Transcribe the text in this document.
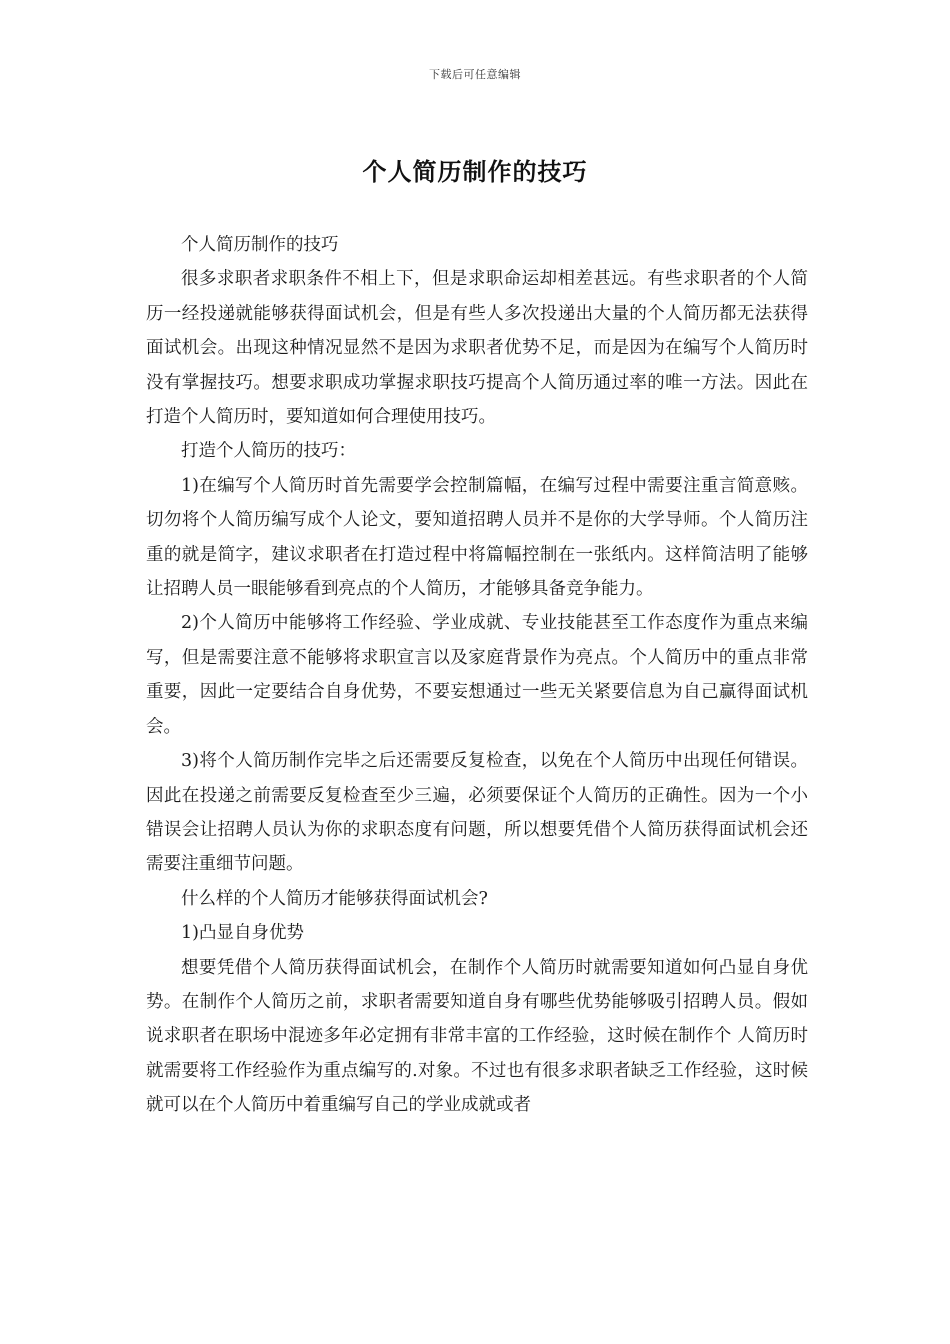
下载后可任意编辑
个人简历制作的技巧

个人简历制作的技巧

很多求职者求职条件不相上下，但是求职命运却相差甚远。有些求职者的个人简历一经投递就能够获得面试机会，但是有些人多次投递出大量的个人简历都无法获得面试机会。出现这种情况显然不是因为求职者优势不足，而是因为在编写个人简历时没有掌握技巧。想要求职成功掌握求职技巧提高个人简历通过率的唯一方法。因此在打造个人简历时，要知道如何合理使用技巧。

打造个人简历的技巧：

1)在编写个人简历时首先需要学会控制篇幅，在编写过程中需要注重言简意赅。切勿将个人简历编写成个人论文，要知道招聘人员并不是你的大学导师。个人简历注重的就是简字，建议求职者在打造过程中将篇幅控制在一张纸内。这样简洁明了能够让招聘人员一眼能够看到亮点的个人简历，才能够具备竞争能力。

2)个人简历中能够将工作经验、学业成就、专业技能甚至工作态度作为重点来编写，但是需要注意不能够将求职宣言以及家庭背景作为亮点。个人简历中的重点非常重要，因此一定要结合自身优势，不要妄想通过一些无关紧要信息为自己赢得面试机会。

3)将个人简历制作完毕之后还需要反复检查，以免在个人简历中出现任何错误。因此在投递之前需要反复检查至少三遍，必须要保证个人简历的正确性。因为一个小错误会让招聘人员认为你的求职态度有问题，所以想要凭借个人简历获得面试机会还需要注重细节问题。

什么样的个人简历才能够获得面试机会?

1)凸显自身优势

想要凭借个人简历获得面试机会，在制作个人简历时就需要知道如何凸显自身优势。在制作个人简历之前，求职者需要知道自身有哪些优势能够吸引招聘人员。假如说求职者在职场中混迹多年必定拥有非常丰富的工作经验，这时候在制作个 人简历时就需要将工作经验作为重点编写的.对象。不过也有很多求职者缺乏工作经验，这时候就可以在个人简历中着重编写自己的学业成就或者
